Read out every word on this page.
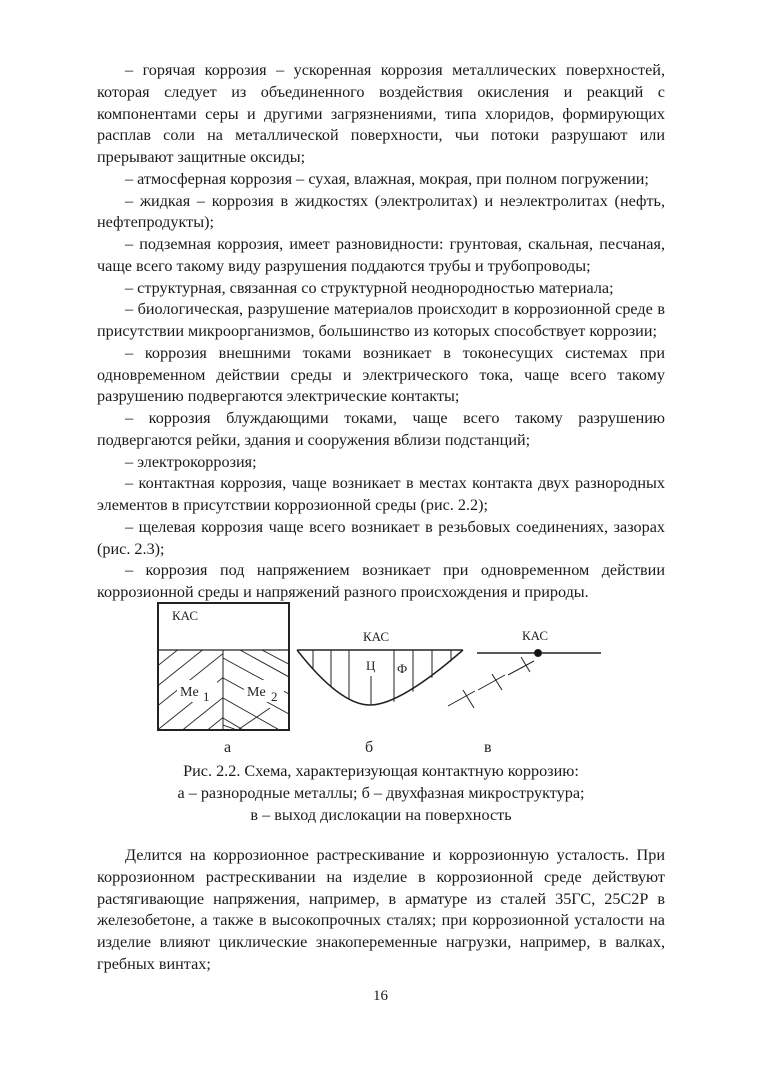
– горячая коррозия – ускоренная коррозия металлических поверхностей, которая следует из объединенного воздействия окисления и реакций с компонентами серы и другими загрязнениями, типа хлоридов, формирующих расплав соли на металлической поверхности, чьи потоки разрушают или прерывают защитные оксиды;

– атмосферная коррозия – сухая, влажная, мокрая, при полном погружении;

– жидкая – коррозия в жидкостях (электролитах) и неэлектролитах (нефть, нефтепродукты);

– подземная коррозия, имеет разновидности: грунтовая, скальная, песчаная, чаще всего такому виду разрушения поддаются трубы и трубопроводы;

– структурная, связанная со структурной неоднородностью материала;

– биологическая, разрушение материалов происходит в коррозионной среде в присутствии микроорганизмов, большинство из которых способствует коррозии;

– коррозия внешними токами возникает в токонесущих системах при одновременном действии среды и электрического тока, чаще всего такому разрушению подвергаются электрические контакты;

– коррозия блуждающими токами, чаще всего такому разрушению подвергаются рейки, здания и сооружения вблизи подстанций;

– электрокоррозия;

– контактная коррозия, чаще возникает в местах контакта двух разнородных элементов в присутствии коррозионной среды (рис. 2.2);

– щелевая коррозия чаще всего возникает в резьбовых соединениях, зазорах (рис. 2.3);

– коррозия под напряжением возникает при одновременном действии коррозионной среды и напряжений разного происхождения и природы.

КАС
Me 1	Me 2
КАС
Ц Ф
КАС
а	б	в
Рис. 2.2. Схема, характеризующая контактную коррозию:
а – разнородные металлы; б – двухфазная микроструктура;
в – выход дислокации на поверхность

Делится на коррозионное растрескивание и коррозионную усталость. При коррозионном растрескивании на изделие в коррозионной среде действуют растягивающие напряжения, например, в арматуре из сталей 35ГС, 25С2Р в железобетоне, а также в высокопрочных сталях; при коррозионной усталости на изделие влияют циклические знакопеременные нагрузки, например, в валках, гребных винтах;

16
